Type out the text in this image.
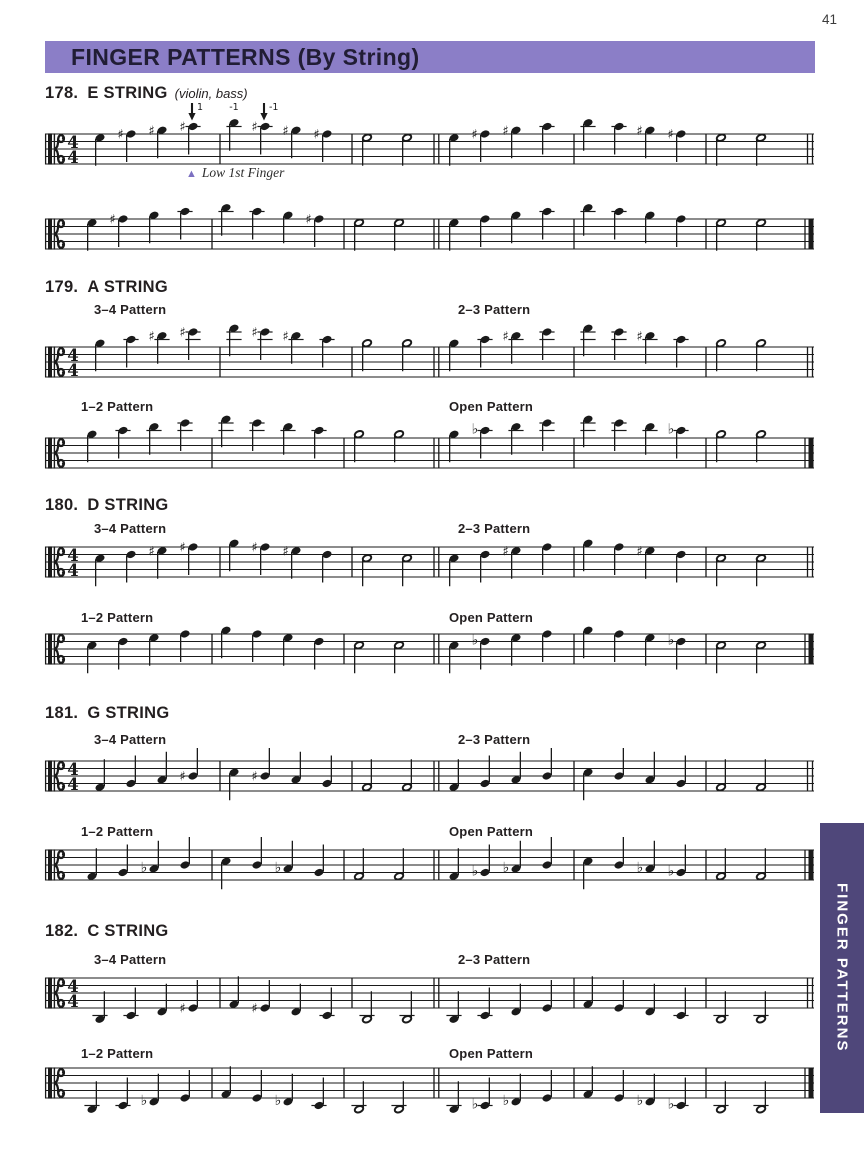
41
FINGER PATTERNS (By String)
178. E STRING (violin, bass)
4
4
♯ ♯ ♯	♯ ♯ ♯
1	-1	-1
♯ ♯	♯ ♯
♯	♯
179. A STRING
3–4 Pattern	2–3 Pattern
4
4
♯ ♯	♯ ♯	♯	♯
1–2 Pattern	Open Pattern
♭	♭
180. D STRING
3–4 Pattern	2–3 Pattern
4
4
♯ ♯	♯ ♯	♯	♯
1–2 Pattern	Open Pattern
♭	♭
181. G STRING
3–4 Pattern	2–3 Pattern
4
4	♯	♯
1–2 Pattern	Open Pattern
♭	♭	♭ ♭	♭ ♭
182. C STRING
3–4 Pattern	2–3 Pattern
4
4	♯	♯
1–2 Pattern	Open Pattern
♭	♭	♭ ♭	♭ ♭
▲ Low 1st Finger
FINGER PATTERNS
